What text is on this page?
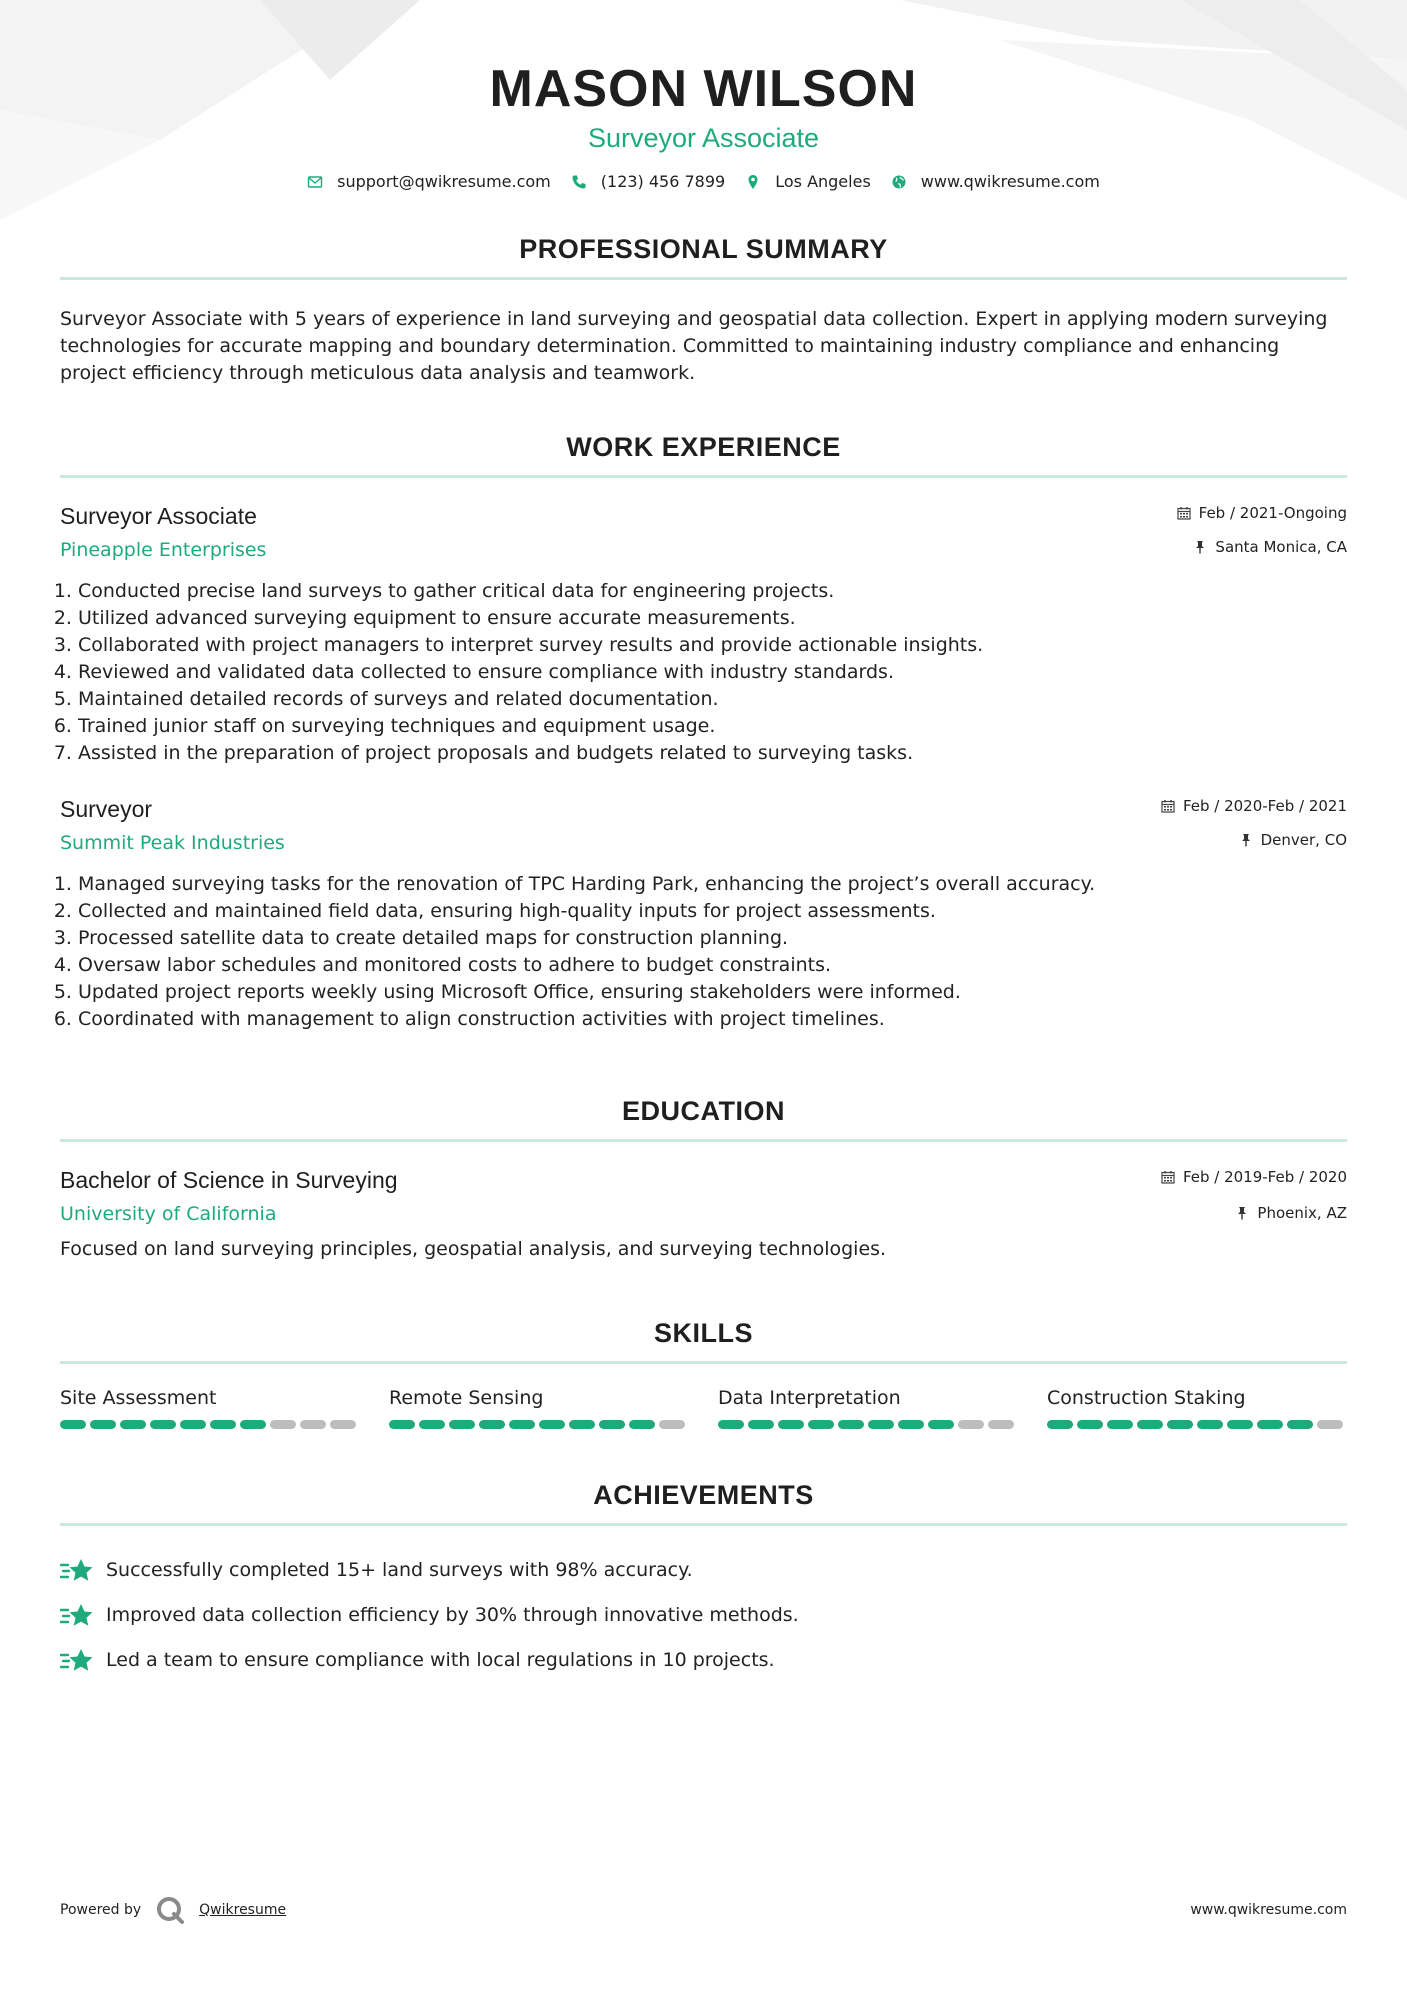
MASON WILSON
Surveyor Associate
support@qwikresume.com	(123) 456 7899	Los Angeles	www.qwikresume.com
PROFESSIONAL SUMMARY
Surveyor Associate with 5 years of experience in land surveying and geospatial data collection. Expert in applying modern surveying technologies for accurate mapping and boundary determination. Committed to maintaining industry compliance and enhancing project efficiency through meticulous data analysis and teamwork.
WORK EXPERIENCE
Surveyor Associate
Pineapple Enterprises
Feb / 2021-Ongoing
Santa Monica, CA
1. Conducted precise land surveys to gather critical data for engineering projects.
2. Utilized advanced surveying equipment to ensure accurate measurements.
3. Collaborated with project managers to interpret survey results and provide actionable insights.
4. Reviewed and validated data collected to ensure compliance with industry standards.
5. Maintained detailed records of surveys and related documentation.
6. Trained junior staff on surveying techniques and equipment usage.
7. Assisted in the preparation of project proposals and budgets related to surveying tasks.
Surveyor
Summit Peak Industries
Feb / 2020-Feb / 2021
Denver, CO
1. Managed surveying tasks for the renovation of TPC Harding Park, enhancing the project’s overall accuracy.
2. Collected and maintained field data, ensuring high-quality inputs for project assessments.
3. Processed satellite data to create detailed maps for construction planning.
4. Oversaw labor schedules and monitored costs to adhere to budget constraints.
5. Updated project reports weekly using Microsoft Office, ensuring stakeholders were informed.
6. Coordinated with management to align construction activities with project timelines.
EDUCATION
Bachelor of Science in Surveying
University of California
Feb / 2019-Feb / 2020
Phoenix, AZ
Focused on land surveying principles, geospatial analysis, and surveying technologies.
SKILLS
Site Assessment	Remote Sensing	Data Interpretation	Construction Staking
ACHIEVEMENTS
Successfully completed 15+ land surveys with 98% accuracy.
Improved data collection efficiency by 30% through innovative methods.
Led a team to ensure compliance with local regulations in 10 projects.
Powered by	Qwikresume	www.qwikresume.com
